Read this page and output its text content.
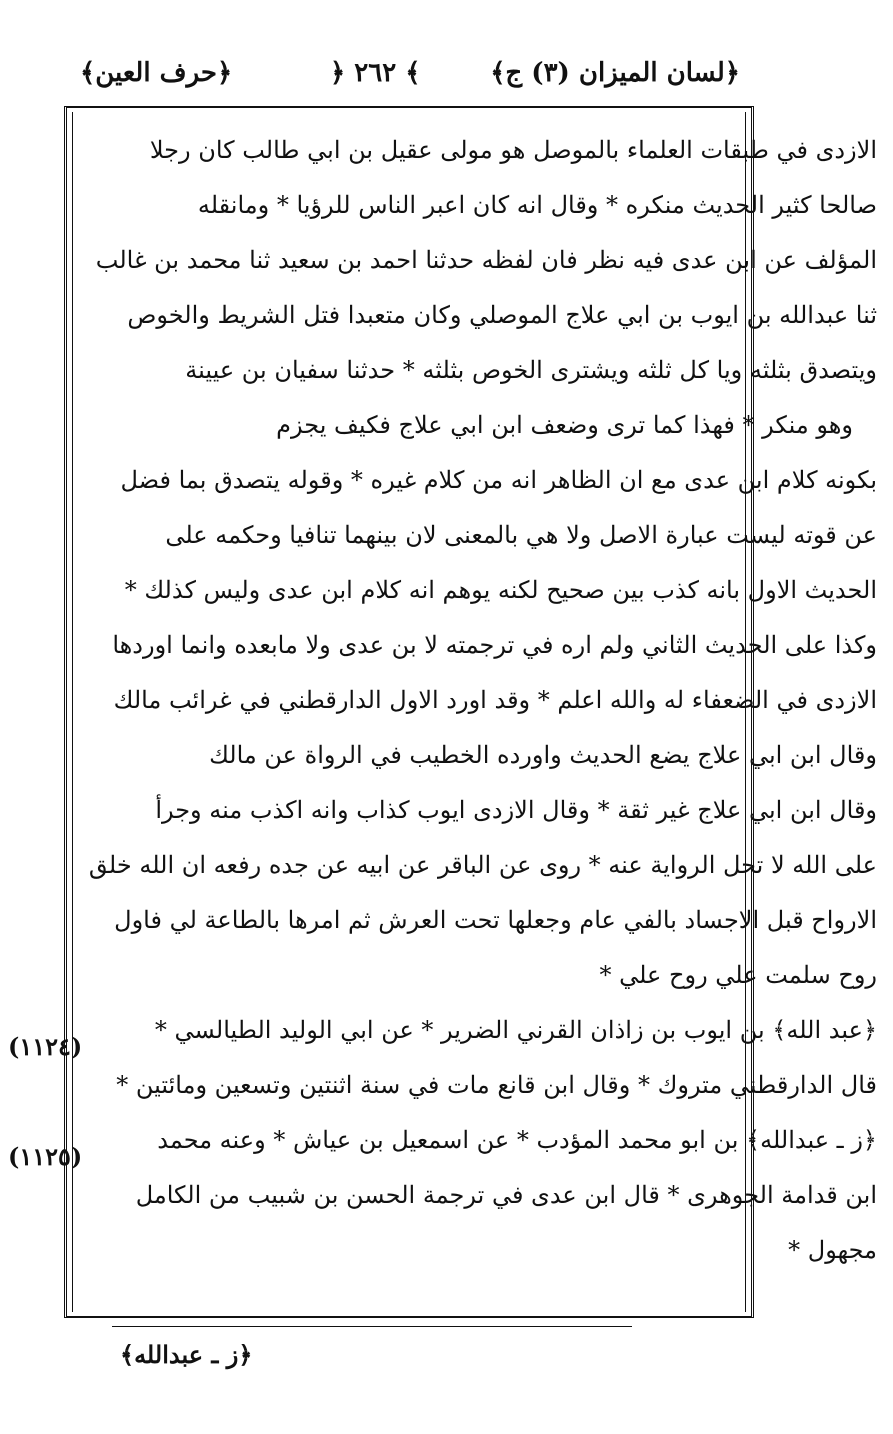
﴿لسان الميزان (٣) ج﴾
﴿ ٢٦٢ ﴾
﴿حرف العين﴾
الازدى في طبقات العلماء بالموصل هو مولى عقيل بن ابي طالب كان رجلا
صالحا كثير الحديث منكره * وقال انه كان اعبر الناس للرؤيا * ومانقله
المؤلف عن ابن عدى فيه نظر فان لفظه حدثنا احمد بن سعيد ثنا محمد بن غالب
ثنا عبدالله بن ايوب بن ابي علاج الموصلي وكان متعبدا فتل الشريط والخوص
ويتصدق بثلثه ويا كل ثلثه ويشترى الخوص بثلثه * حدثنا سفيان بن عيينة
وهو منكر * فهذا كما ترى وضعف ابن ابي علاج فكيف يجزم
بكونه كلام ابن عدى مع ان الظاهر انه من كلام غيره * وقوله يتصدق بما فضل
عن قوته ليست عبارة الاصل ولا هي بالمعنى لان بينهما تنافيا وحكمه على
الحديث الاول بانه كذب بين صحيح لكنه يوهم انه كلام ابن عدى وليس كذلك *
وكذا على الحديث الثاني ولم اره في ترجمته لا بن عدى ولا مابعده وانما اوردها
الازدى في الضعفاء له والله اعلم * وقد اورد الاول الدارقطني في غرائب مالك
وقال ابن ابي علاج يضع الحديث واورده الخطيب في الرواة عن مالك
وقال ابن ابي علاج غير ثقة * وقال الازدى ايوب كذاب وانه اكذب منه وجرأ
على الله لا تحل الرواية عنه * روى عن الباقر عن ابيه عن جده رفعه ان الله خلق
الارواح قبل الاجساد بالفي عام وجعلها تحت العرش ثم امرها بالطاعة لي فاول
روح سلمت علي روح علي *
﴿عبد الله﴾ بن ايوب بن زاذان القرني الضرير * عن ابي الوليد الطيالسي *
قال الدارقطني متروك * وقال ابن قانع مات في سنة اثنتين وتسعين ومائتين *
﴿ز ـ عبدالله﴾ بن ابو محمد المؤدب * عن اسمعيل بن عياش * وعنه محمد
ابن قدامة الجوهرى * قال ابن عدى في ترجمة الحسن بن شبيب من الكامل
مجهول *
(١١٢٤)
(١١٢٥)
﴿ز ـ عبدالله﴾
